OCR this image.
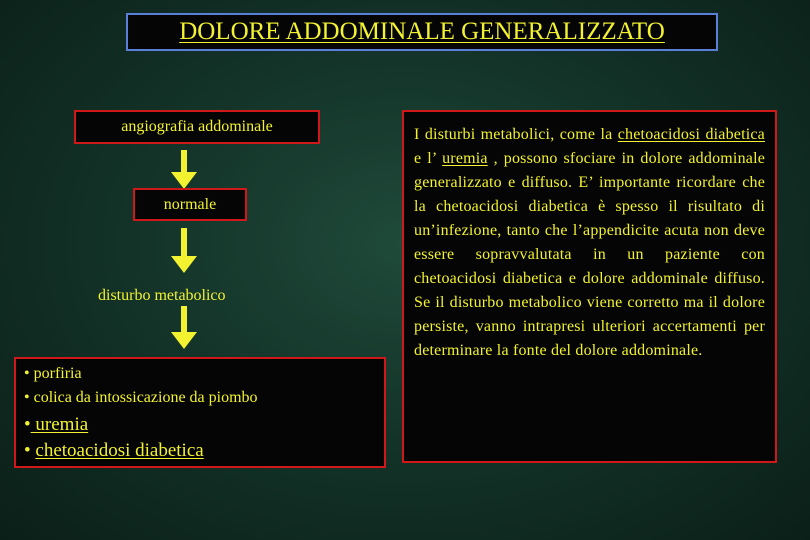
DOLORE ADDOMINALE GENERALIZZATO
angiografia addominale
normale
disturbo metabolico
• porfiria
• colica da intossicazione da piombo
• uremia
• chetoacidosi diabetica

I disturbi metabolici, come la chetoacidosi diabetica e l’ uremia , possono sfociare in dolore addominale generalizzato e diffuso. E’ importante ricordare che la chetoacidosi diabetica è spesso il risultato di un’infezione, tanto che l’appendicite acuta non deve essere sopravvalutata in un paziente con chetoacidosi diabetica e dolore addominale diffuso. Se il disturbo metabolico viene corretto ma il dolore persiste, vanno intrapresi ulteriori accertamenti per determinare la fonte del dolore addominale.
